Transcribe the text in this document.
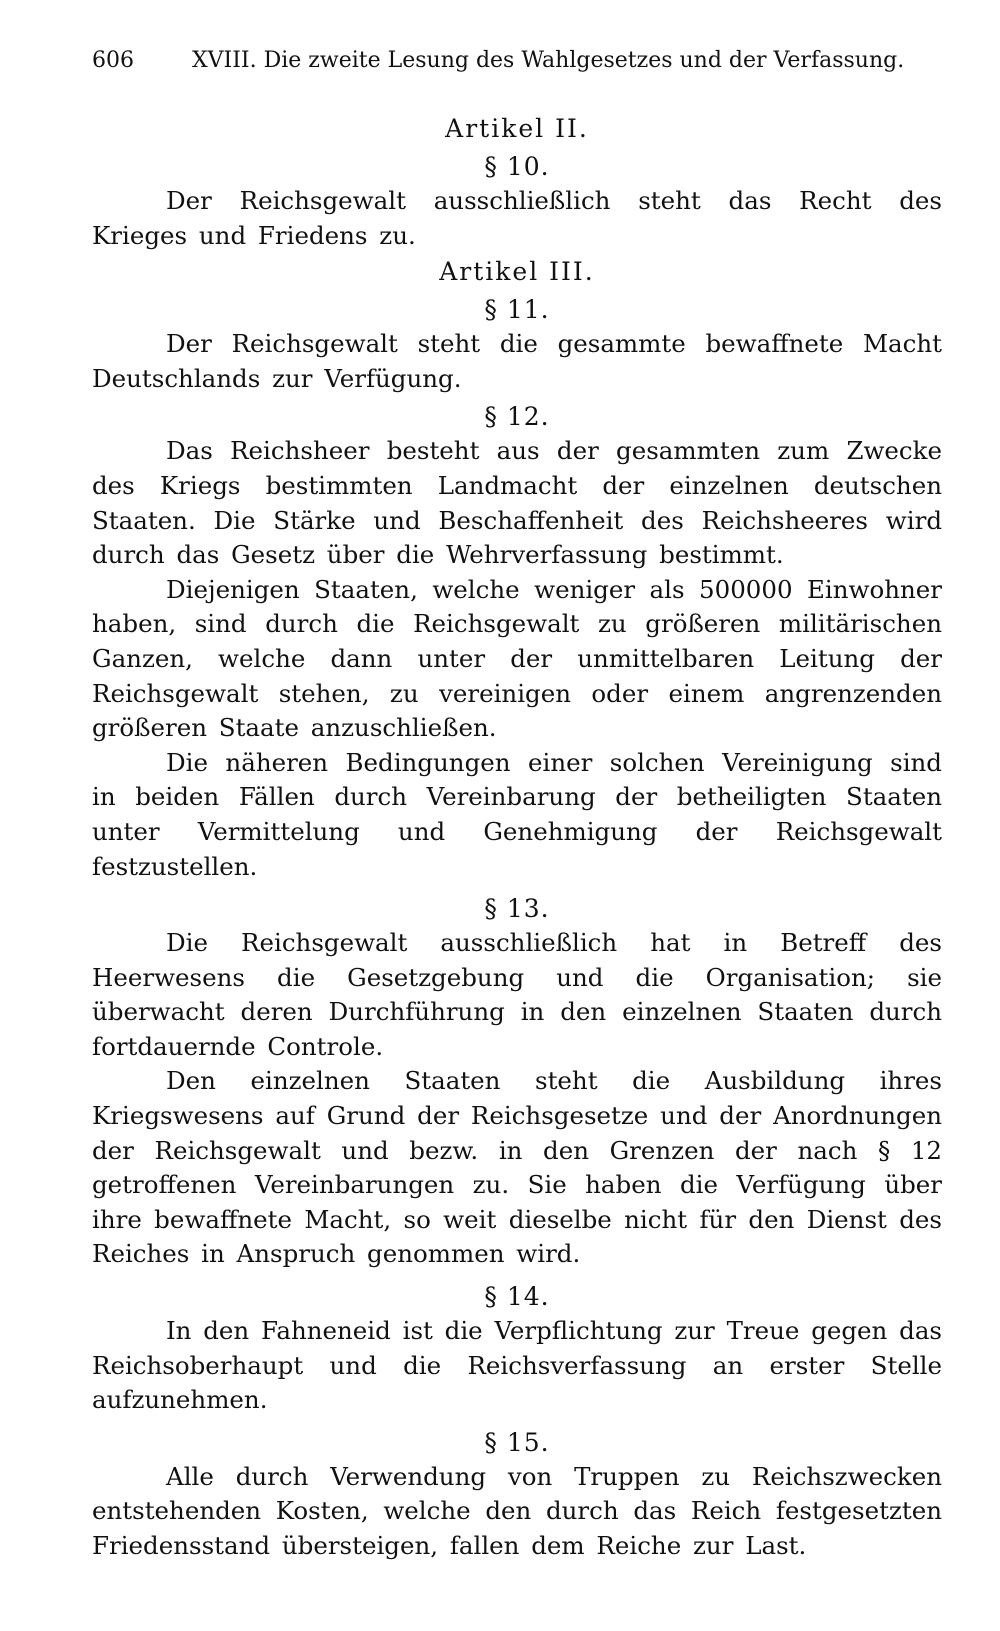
606	XVIII. Die zweite Lesung des Wahlgesetzes und der Verfassung.
Artikel II.
§ 10.

Der Reichsgewalt ausschließlich steht das Recht des Krieges und Friedens zu.

Artikel III.
§ 11.

Der Reichsgewalt steht die gesammte bewaffnete Macht Deutschlands zur Verfügung.

§ 12.

Das Reichsheer besteht aus der gesammten zum Zwecke des Kriegs bestimmten Landmacht der einzelnen deutschen Staaten. Die Stärke und Beschaffenheit des Reichsheeres wird durch das Gesetz über die Wehrverfassung bestimmt.

Diejenigen Staaten, welche weniger als 500000 Einwohner haben, sind durch die Reichsgewalt zu größeren militärischen Ganzen, welche dann unter der unmittelbaren Leitung der Reichsgewalt stehen, zu vereinigen oder einem angrenzenden größeren Staate anzuschließen.

Die näheren Bedingungen einer solchen Vereinigung sind in beiden Fällen durch Vereinbarung der betheiligten Staaten unter Vermittelung und Genehmigung der Reichsgewalt festzustellen.

§ 13.

Die Reichsgewalt ausschließlich hat in Betreff des Heerwesens die Gesetzgebung und die Organisation; sie überwacht deren Durchführung in den einzelnen Staaten durch fortdauernde Controle.

Den einzelnen Staaten steht die Ausbildung ihres Kriegswesens auf Grund der Reichsgesetze und der Anordnungen der Reichsgewalt und bezw. in den Grenzen der nach § 12 getroffenen Vereinbarungen zu. Sie haben die Verfügung über ihre bewaffnete Macht, so weit dieselbe nicht für den Dienst des Reiches in Anspruch genommen wird.

§ 14.

In den Fahneneid ist die Verpflichtung zur Treue gegen das Reichsoberhaupt und die Reichsverfassung an erster Stelle aufzunehmen.

§ 15.

Alle durch Verwendung von Truppen zu Reichszwecken entstehenden Kosten, welche den durch das Reich festgesetzten Friedensstand übersteigen, fallen dem Reiche zur Last.
